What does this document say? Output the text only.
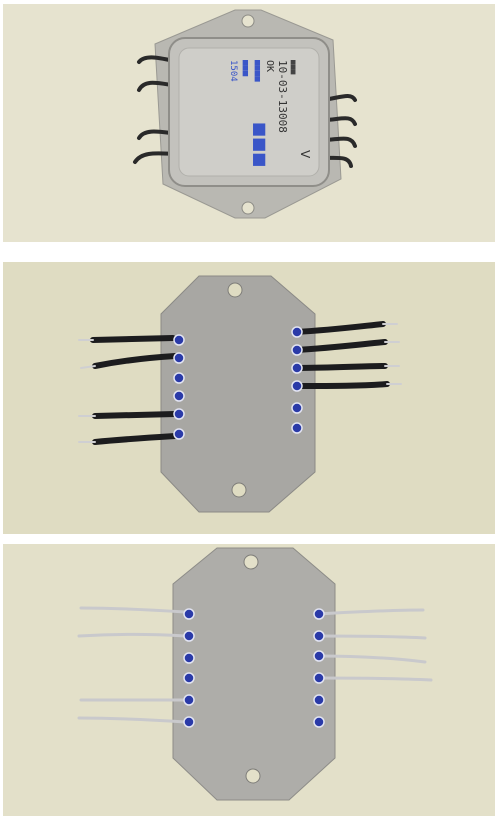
■■■
10-03-13008
OK
■■■■
■■■
1504
■■■ V
